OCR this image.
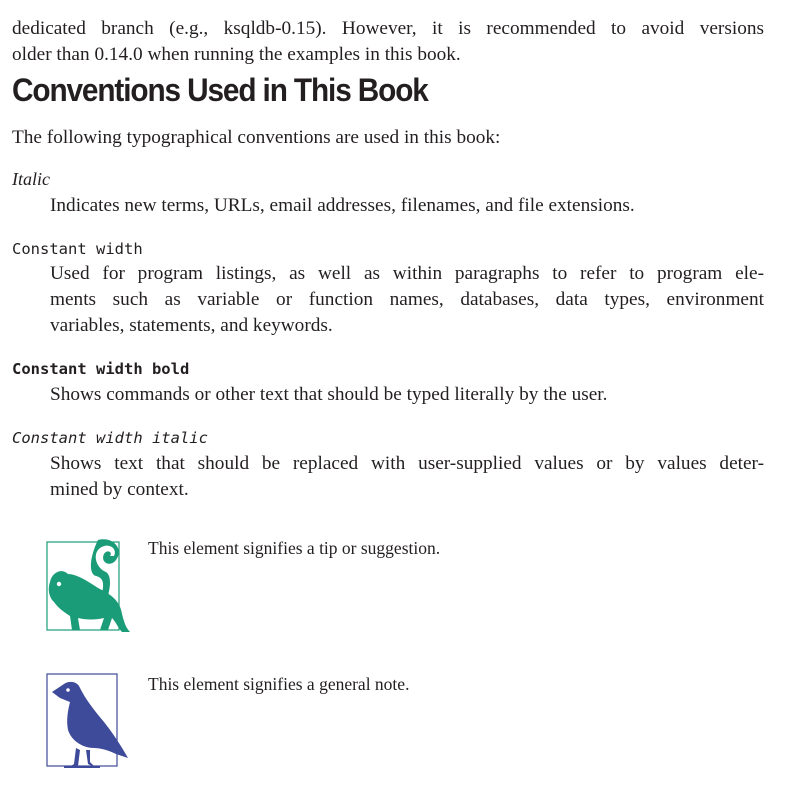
dedicated branch (e.g., ksqldb-0.15). However, it is recommended to avoid versions
older than 0.14.0 when running the examples in this book.

Conventions Used in This Book

The following typographical conventions are used in this book:

Italic

Indicates new terms, URLs, email addresses, filenames, and file extensions.

Constant width

Used for program listings, as well as within paragraphs to refer to program ele-
ments such as variable or function names, databases, data types, environment
variables, statements, and keywords.

Constant width bold

Shows commands or other text that should be typed literally by the user.

Constant width italic

Shows text that should be replaced with user-supplied values or by values deter-
mined by context.

This element signifies a tip or suggestion.

This element signifies a general note.
